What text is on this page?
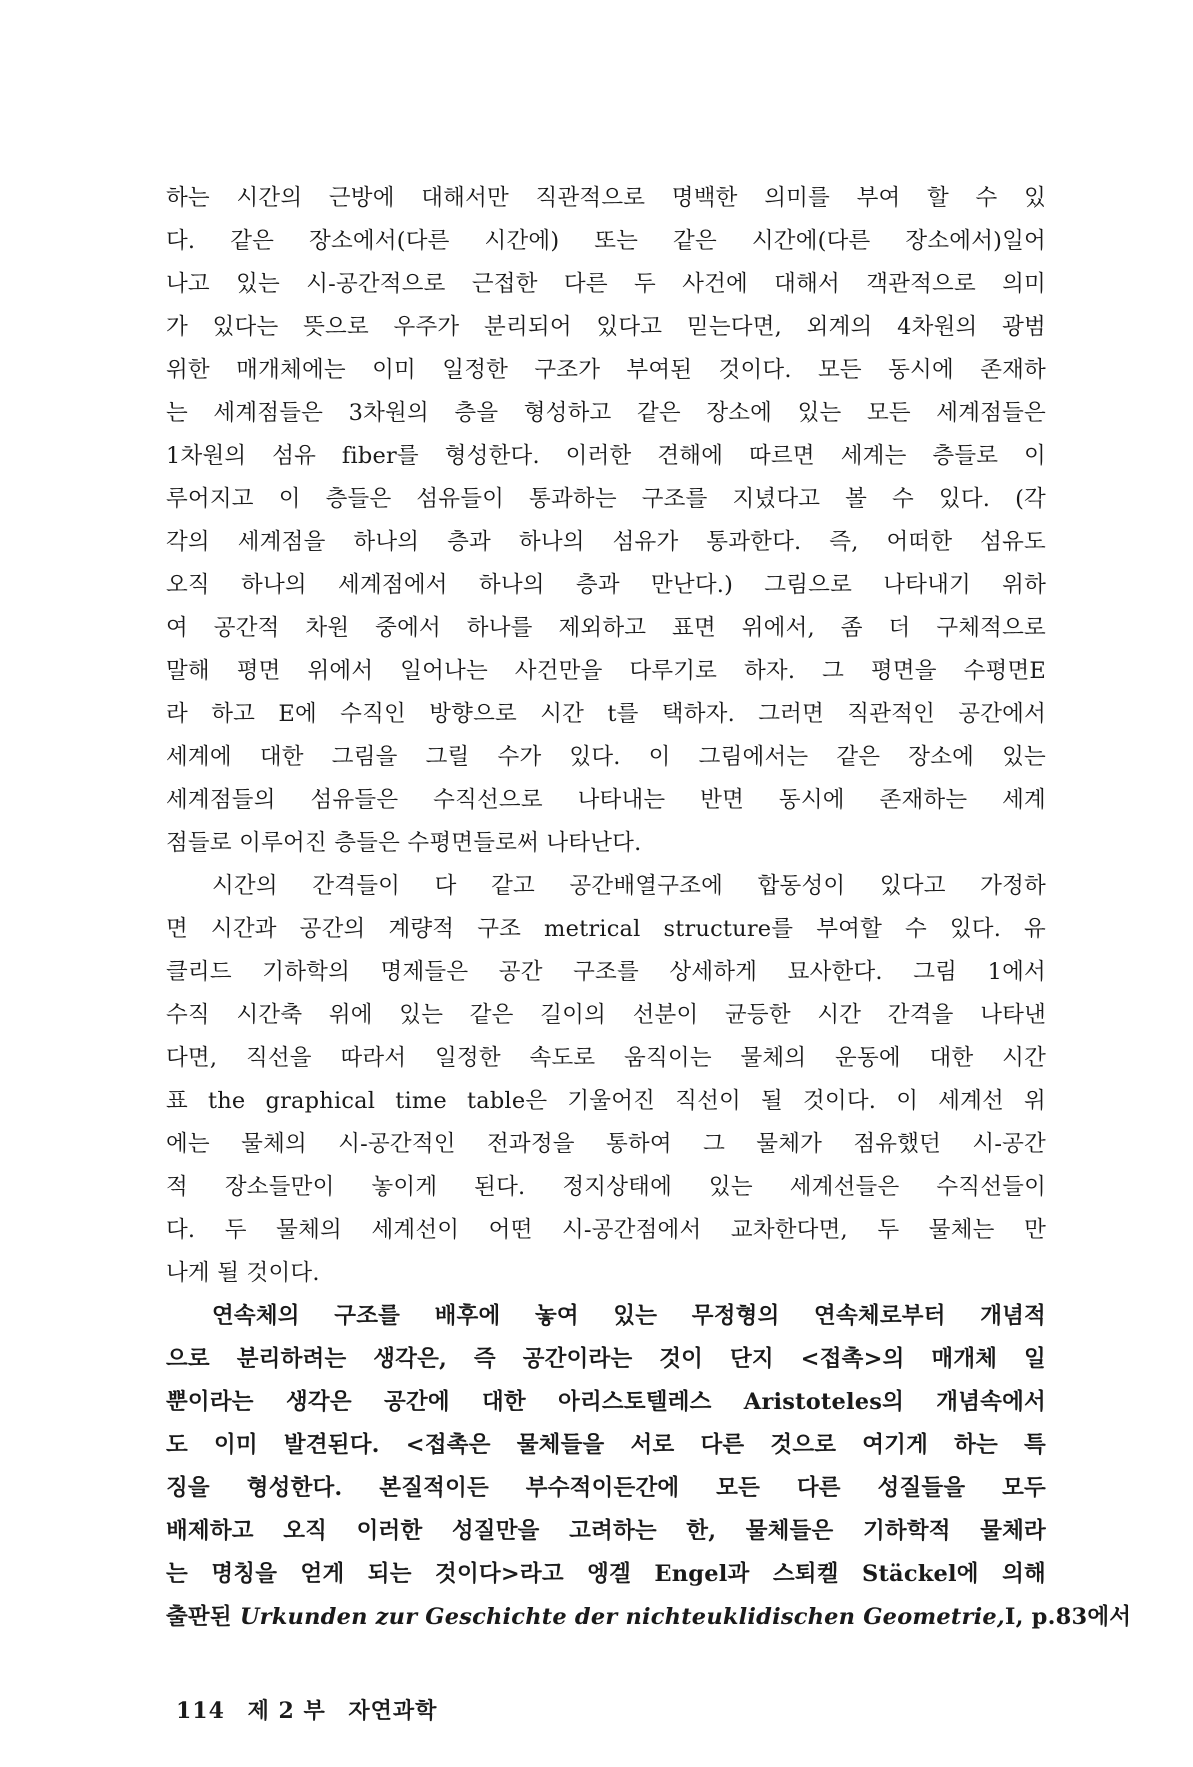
하는 시간의 근방에 대해서만 직관적으로 명백한 의미를 부여 할 수 있
다. 같은 장소에서(다른 시간에) 또는 같은 시간에(다른 장소에서)일어
나고 있는 시-공간적으로 근접한 다른 두 사건에 대해서 객관적으로 의미
가 있다는 뜻으로 우주가 분리되어 있다고 믿는다면, 외계의 4차원의 광범
위한 매개체에는 이미 일정한 구조가 부여된 것이다. 모든 동시에 존재하
는 세계점들은 3차원의 층을 형성하고 같은 장소에 있는 모든 세계점들은
1차원의 섬유 fiber를 형성한다. 이러한 견해에 따르면 세계는 층들로 이
루어지고 이 층들은 섬유들이 통과하는 구조를 지녔다고 볼 수 있다. (각
각의 세계점을 하나의 층과 하나의 섬유가 통과한다. 즉, 어떠한 섬유도
오직 하나의 세계점에서 하나의 층과 만난다.) 그림으로 나타내기 위하
여 공간적 차원 중에서 하나를 제외하고 표면 위에서, 좀 더 구체적으로
말해 평면 위에서 일어나는 사건만을 다루기로 하자. 그 평면을 수평면E
라 하고 E에 수직인 방향으로 시간 t를 택하자. 그러면 직관적인 공간에서
세계에 대한 그림을 그릴 수가 있다. 이 그림에서는 같은 장소에 있는
세계점들의 섬유들은 수직선으로 나타내는 반면 동시에 존재하는 세계
점들로 이루어진 층들은 수평면들로써 나타난다.
시간의 간격들이 다 같고 공간배열구조에 합동성이 있다고 가정하
면 시간과 공간의 계량적 구조 metrical structure를 부여할 수 있다. 유
클리드 기하학의 명제들은 공간 구조를 상세하게 묘사한다. 그림 1에서
수직 시간축 위에 있는 같은 길이의 선분이 균등한 시간 간격을 나타낸
다면, 직선을 따라서 일정한 속도로 움직이는 물체의 운동에 대한 시간
표 the graphical time table은 기울어진 직선이 될 것이다. 이 세계선 위
에는 물체의 시-공간적인 전과정을 통하여 그 물체가 점유했던 시-공간
적 장소들만이 놓이게 된다. 정지상태에 있는 세계선들은 수직선들이
다. 두 물체의 세계선이 어떤 시-공간점에서 교차한다면, 두 물체는 만
나게 될 것이다.
연속체의 구조를 배후에 놓여 있는 무정형의 연속체로부터 개념적
으로 분리하려는 생각은, 즉 공간이라는 것이 단지 <접촉>의 매개체 일
뿐이라는 생각은 공간에 대한 아리스토텔레스 Aristoteles의 개념속에서
도 이미 발견된다. <접촉은 물체들을 서로 다른 것으로 여기게 하는 특
징을 형성한다. 본질적이든 부수적이든간에 모든 다른 성질들을 모두
배제하고 오직 이러한 성질만을 고려하는 한, 물체들은 기하학적 물체라
는 명칭을 얻게 되는 것이다>라고 엥겔 Engel과 스퇴켈 Stäckel에 의해
출판된 Urkunden zur Geschichte der nichteuklidischen Geometrie,I, p.83에서
114 제 2 부 자연과학
